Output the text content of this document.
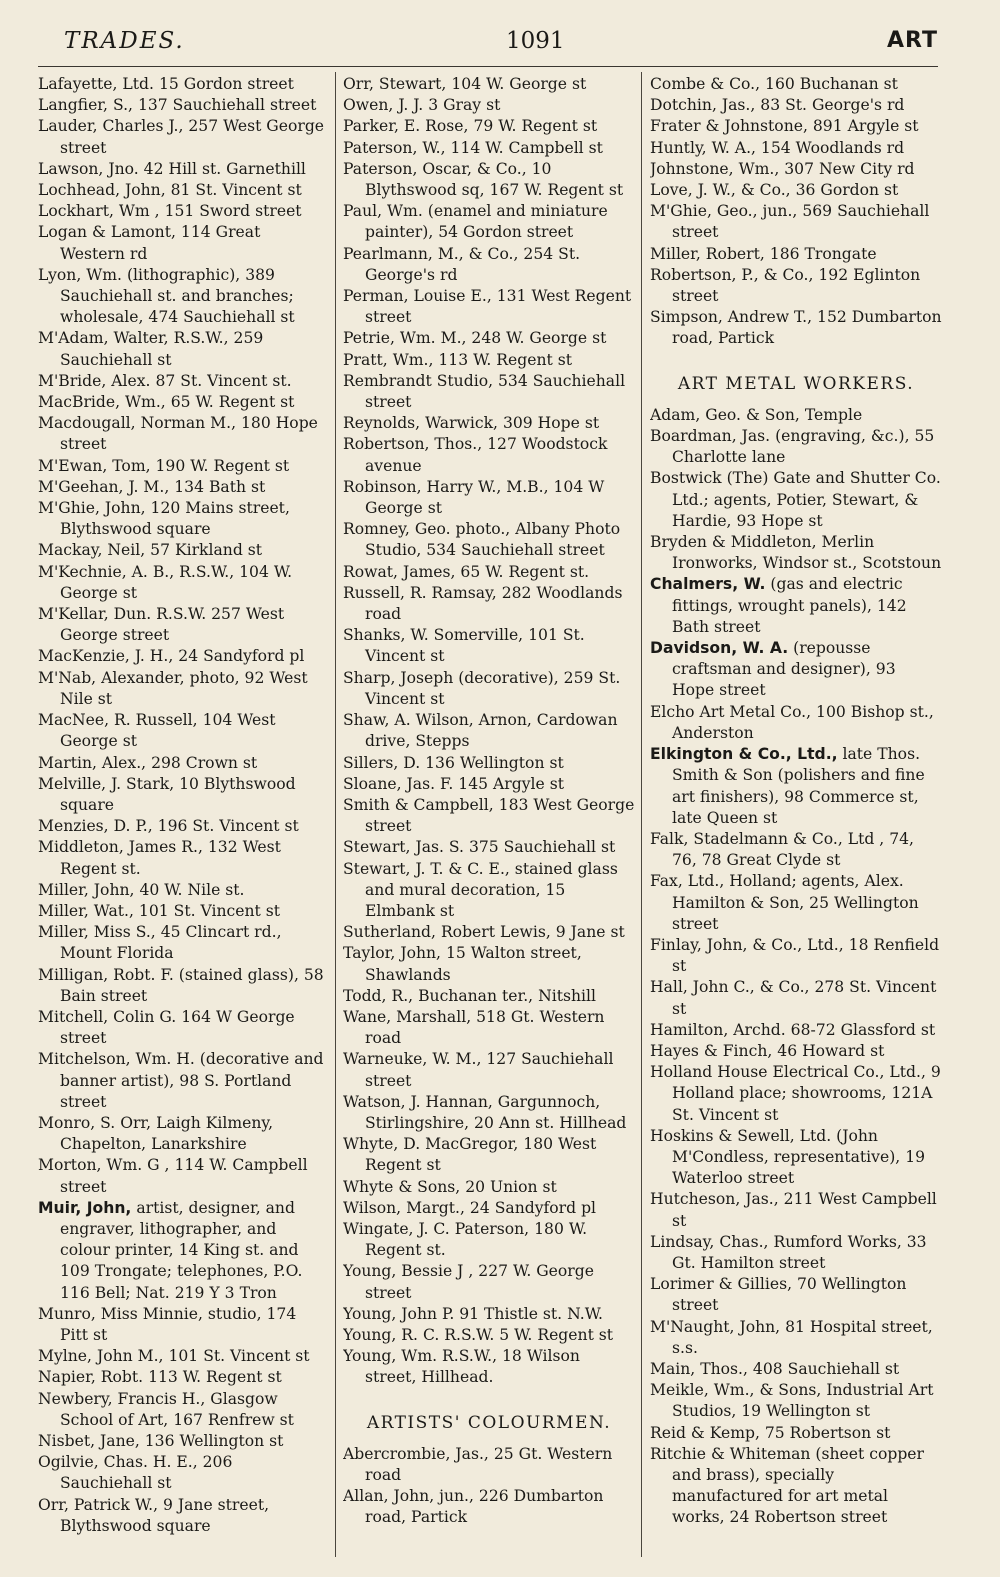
TRADES.	1091	ART

Lafayette, Ltd. 15 Gordon street

Langfier, S., 137 Sauchiehall street

Lauder, Charles J., 257 West George street

Lawson, Jno. 42 Hill st. Garnethill

Lochhead, John, 81 St. Vincent st

Lockhart, Wm , 151 Sword street

Logan & Lamont, 114 Great Western rd

Lyon, Wm. (lithographic), 389 Sauchiehall st. and branches; wholesale, 474 Sauchiehall st

M'Adam, Walter, R.S.W., 259 Sauchiehall st

M'Bride, Alex. 87 St. Vincent st.

MacBride, Wm., 65 W. Regent st

Macdougall, Norman M., 180 Hope street

M'Ewan, Tom, 190 W. Regent st

M'Geehan, J. M., 134 Bath st

M'Ghie, John, 120 Mains street, Blythswood square

Mackay, Neil, 57 Kirkland st

M'Kechnie, A. B., R.S.W., 104 W. George st

M'Kellar, Dun. R.S.W. 257 West George street

MacKenzie, J. H., 24 Sandyford pl

M'Nab, Alexander, photo, 92 West Nile st

MacNee, R. Russell, 104 West George st

Martin, Alex., 298 Crown st

Melville, J. Stark, 10 Blythswood square

Menzies, D. P., 196 St. Vincent st

Middleton, James R., 132 West Regent st.

Miller, John, 40 W. Nile st.

Miller, Wat., 101 St. Vincent st

Miller, Miss S., 45 Clincart rd., Mount Florida

Milligan, Robt. F. (stained glass), 58 Bain street

Mitchell, Colin G. 164 W George street

Mitchelson, Wm. H. (decorative and banner artist), 98 S. Portland street

Monro, S. Orr, Laigh Kilmeny, Chapelton, Lanarkshire

Morton, Wm. G , 114 W. Campbell street

Muir, John, artist, designer, and engraver, lithographer, and colour printer, 14 King st. and 109 Trongate; telephones, P.O. 116 Bell; Nat. 219 Y 3 Tron

Munro, Miss Minnie, studio, 174 Pitt st

Mylne, John M., 101 St. Vincent st

Napier, Robt. 113 W. Regent st

Newbery, Francis H., Glasgow School of Art, 167 Renfrew st

Nisbet, Jane, 136 Wellington st

Ogilvie, Chas. H. E., 206 Sauchiehall st

Orr, Patrick W., 9 Jane street, Blythswood square

Orr, Stewart, 104 W. George st

Owen, J. J. 3 Gray st

Parker, E. Rose, 79 W. Regent st

Paterson, W., 114 W. Campbell st

Paterson, Oscar, & Co., 10 Blythswood sq, 167 W. Regent st

Paul, Wm. (enamel and miniature painter), 54 Gordon street

Pearlmann, M., & Co., 254 St. George's rd

Perman, Louise E., 131 West Regent street

Petrie, Wm. M., 248 W. George st

Pratt, Wm., 113 W. Regent st

Rembrandt Studio, 534 Sauchiehall street

Reynolds, Warwick, 309 Hope st

Robertson, Thos., 127 Woodstock avenue

Robinson, Harry W., M.B., 104 W George st

Romney, Geo. photo., Albany Photo Studio, 534 Sauchiehall street

Rowat, James, 65 W. Regent st.

Russell, R. Ramsay, 282 Woodlands road

Shanks, W. Somerville, 101 St. Vincent st

Sharp, Joseph (decorative), 259 St. Vincent st

Shaw, A. Wilson, Arnon, Cardowan drive, Stepps

Sillers, D. 136 Wellington st

Sloane, Jas. F. 145 Argyle st

Smith & Campbell, 183 West George street

Stewart, Jas. S. 375 Sauchiehall st

Stewart, J. T. & C. E., stained glass and mural decoration, 15 Elmbank st

Sutherland, Robert Lewis, 9 Jane st

Taylor, John, 15 Walton street, Shawlands

Todd, R., Buchanan ter., Nitshill

Wane, Marshall, 518 Gt. Western road

Warneuke, W. M., 127 Sauchiehall street

Watson, J. Hannan, Gargunnoch, Stirlingshire, 20 Ann st. Hillhead

Whyte, D. MacGregor, 180 West Regent st

Whyte & Sons, 20 Union st

Wilson, Margt., 24 Sandyford pl

Wingate, J. C. Paterson, 180 W. Regent st.

Young, Bessie J , 227 W. George street

Young, John P. 91 Thistle st. N.W.

Young, R. C. R.S.W. 5 W. Regent st

Young, Wm. R.S.W., 18 Wilson street, Hillhead.

ARTISTS' COLOURMEN.

Abercrombie, Jas., 25 Gt. Western road

Allan, John, jun., 226 Dumbarton road, Partick

Combe & Co., 160 Buchanan st

Dotchin, Jas., 83 St. George's rd

Frater & Johnstone, 891 Argyle st

Huntly, W. A., 154 Woodlands rd

Johnstone, Wm., 307 New City rd

Love, J. W., & Co., 36 Gordon st

M'Ghie, Geo., jun., 569 Sauchiehall street

Miller, Robert, 186 Trongate

Robertson, P., & Co., 192 Eglinton street

Simpson, Andrew T., 152 Dumbarton road, Partick

ART METAL WORKERS.

Adam, Geo. & Son, Temple

Boardman, Jas. (engraving, &c.), 55 Charlotte lane

Bostwick (The) Gate and Shutter Co. Ltd.; agents, Potier, Stewart, & Hardie, 93 Hope st

Bryden & Middleton, Merlin Ironworks, Windsor st., Scotstoun

Chalmers, W. (gas and electric fittings, wrought panels), 142 Bath street

Davidson, W. A. (repousse craftsman and designer), 93 Hope street

Elcho Art Metal Co., 100 Bishop st., Anderston

Elkington & Co., Ltd., late Thos. Smith & Son (polishers and fine art finishers), 98 Commerce st, late Queen st

Falk, Stadelmann & Co., Ltd , 74, 76, 78 Great Clyde st

Fax, Ltd., Holland; agents, Alex. Hamilton & Son, 25 Wellington street

Finlay, John, & Co., Ltd., 18 Renfield st

Hall, John C., & Co., 278 St. Vincent st

Hamilton, Archd. 68-72 Glassford st

Hayes & Finch, 46 Howard st

Holland House Electrical Co., Ltd., 9 Holland place; showrooms, 121A St. Vincent st

Hoskins & Sewell, Ltd. (John M'Condless, representative), 19 Waterloo street

Hutcheson, Jas., 211 West Campbell st

Lindsay, Chas., Rumford Works, 33 Gt. Hamilton street

Lorimer & Gillies, 70 Wellington street

M'Naught, John, 81 Hospital street, s.s.

Main, Thos., 408 Sauchiehall st

Meikle, Wm., & Sons, Industrial Art Studios, 19 Wellington st

Reid & Kemp, 75 Robertson st

Ritchie & Whiteman (sheet copper and brass), specially manufactured for art metal works, 24 Robertson street
